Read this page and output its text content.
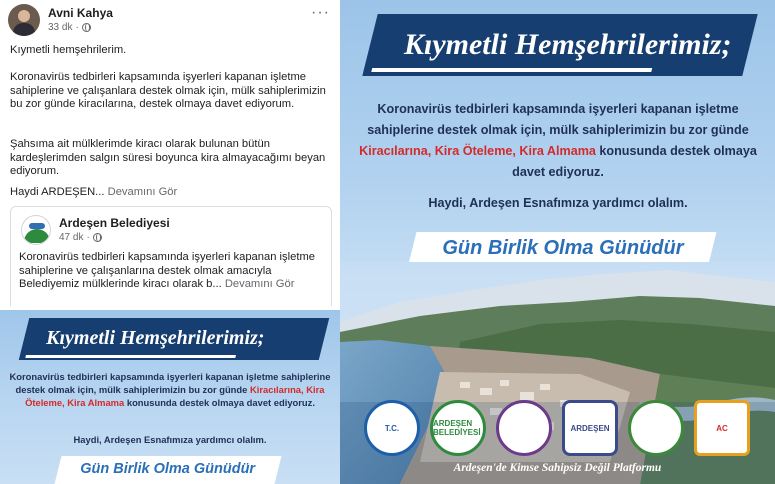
Avni Kahya
33 dk ·
···
Kıymetli hemşehrilerim.
Koronavirüs tedbirleri kapsamında işyerleri kapanan işletme sahiplerine ve çalışanlara destek olmak için, mülk sahiplerimizin bu zor günde kiracılarına, destek olmaya davet ediyorum.
Şahsıma ait mülklerimde kiracı olarak bulunan bütün kardeşlerimden salgın süresi boyunca kira almayacağımı beyan ediyorum.
Haydi ARDEŞEN... Devamını Gör
Ardeşen Belediyesi
47 dk ·
Koronavirüs tedbirleri kapsamında işyerleri kapanan işletme sahiplerine ve çalışanlarına destek olmak amacıyla Belediyemiz mülklerinde kiracı olarak b... Devamını Gör
Kıymetli Hemşehrilerimiz;
Koronavirüs tedbirleri kapsamında işyerleri kapanan işletme sahiplerine destek olmak için, mülk sahiplerimizin bu zor günde Kiracılarına, Kira Öteleme, Kira Almama konusunda destek olmaya davet ediyoruz.
Haydi, Ardeşen Esnafımıza yardımcı olalım.
Gün Birlik Olma Günüdür
Kıymetli Hemşehrilerimiz;
Koronavirüs tedbirleri kapsamında işyerleri kapanan işletme sahiplerine destek olmak için, mülk sahiplerimizin bu zor günde Kiracılarına, Kira Öteleme, Kira Almama konusunda destek olmaya davet ediyoruz.
Haydi, Ardeşen Esnafımıza yardımcı olalım.
Gün Birlik Olma Günüdür
T.C.	ARDEŞEN BELEDİYESİ	ARDEŞEN	AC
Ardeşen'de Kimse Sahipsiz Değil Platformu
